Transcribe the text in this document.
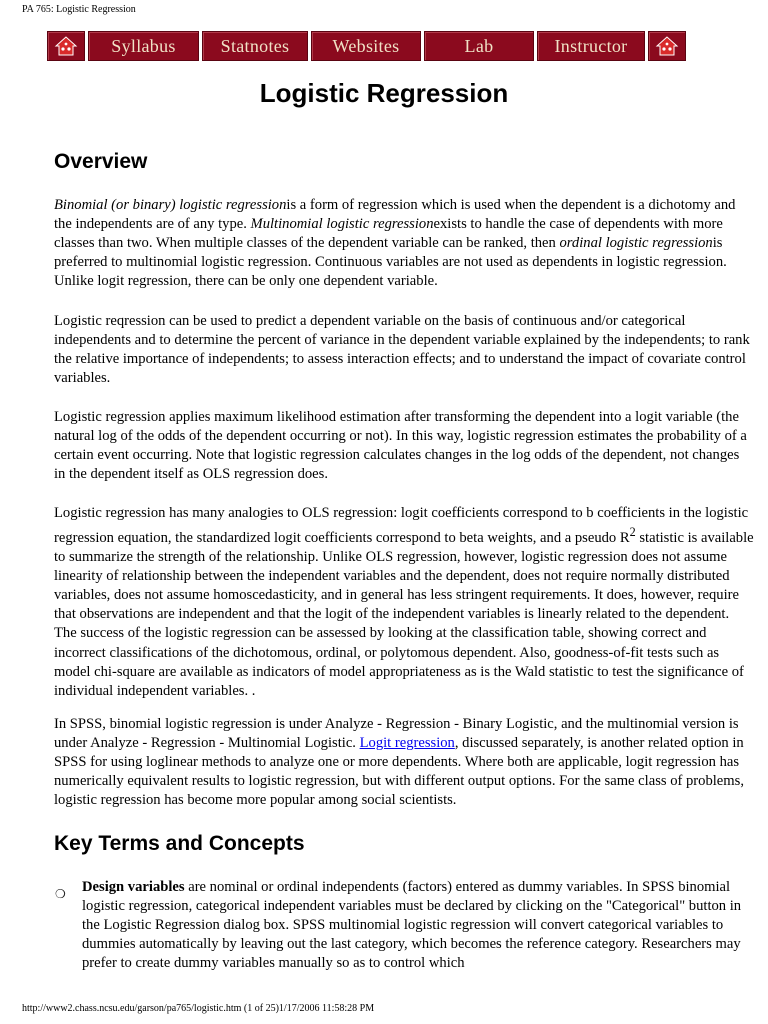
PA 765: Logistic Regression
Syllabus	Statnotes	Websites	Lab	Instructor
Logistic Regression
Overview

Binomial (or binary) logistic regressionis a form of regression which is used when the dependent is a dichotomy and the independents are of any type. Multinomial logistic regressionexists to handle the case of dependents with more classes than two. When multiple classes of the dependent variable can be ranked, then ordinal logistic regressionis preferred to multinomial logistic regression. Continuous variables are not used as dependents in logistic regression. Unlike logit regression, there can be only one dependent variable.

Logistic reqression can be used to predict a dependent variable on the basis of continuous and/or categorical independents and to determine the percent of variance in the dependent variable explained by the independents; to rank the relative importance of independents; to assess interaction effects; and to understand the impact of covariate control variables.

Logistic regression applies maximum likelihood estimation after transforming the dependent into a logit variable (the natural log of the odds of the dependent occurring or not). In this way, logistic regression estimates the probability of a certain event occurring. Note that logistic regression calculates changes in the log odds of the dependent, not changes in the dependent itself as OLS regression does.

Logistic regression has many analogies to OLS regression: logit coefficients correspond to b coefficients in the logistic regression equation, the standardized logit coefficients correspond to beta weights, and a pseudo $R^2$ statistic is available to summarize the strength of the relationship. Unlike OLS regression, however, logistic regression does not assume linearity of relationship between the independent variables and the dependent, does not require normally distributed variables, does not assume homoscedasticity, and in general has less stringent requirements. It does, however, require that observations are independent and that the logit of the independent variables is linearly related to the dependent. The success of the logistic regression can be assessed by looking at the classification table, showing correct and incorrect classifications of the dichotomous, ordinal, or polytomous dependent. Also, goodness-of-fit tests such as model chi-square are available as indicators of model appropriateness as is the Wald statistic to test the significance of individual independent variables. .

In SPSS, binomial logistic regression is under Analyze - Regression - Binary Logistic, and the multinomial version is under Analyze - Regression - Multinomial Logistic. Logit regression, discussed separately, is another related option in SPSS for using loglinear methods to analyze one or more dependents. Where both are applicable, logit regression has numerically equivalent results to logistic regression, but with different output options. For the same class of problems, logistic regression has become more popular among social scientists.

Key Terms and Concepts
❍ Design variables are nominal or ordinal independents (factors) entered as dummy variables. In SPSS binomial logistic regression, categorical independent variables must be declared by clicking on the "Categorical" button in the Logistic Regression dialog box. SPSS multinomial logistic regression will convert categorical variables to dummies automatically by leaving out the last category, which becomes the reference category. Researchers may prefer to create dummy variables manually so as to control which

http://www2.chass.ncsu.edu/garson/pa765/logistic.htm (1 of 25)1/17/2006 11:58:28 PM
